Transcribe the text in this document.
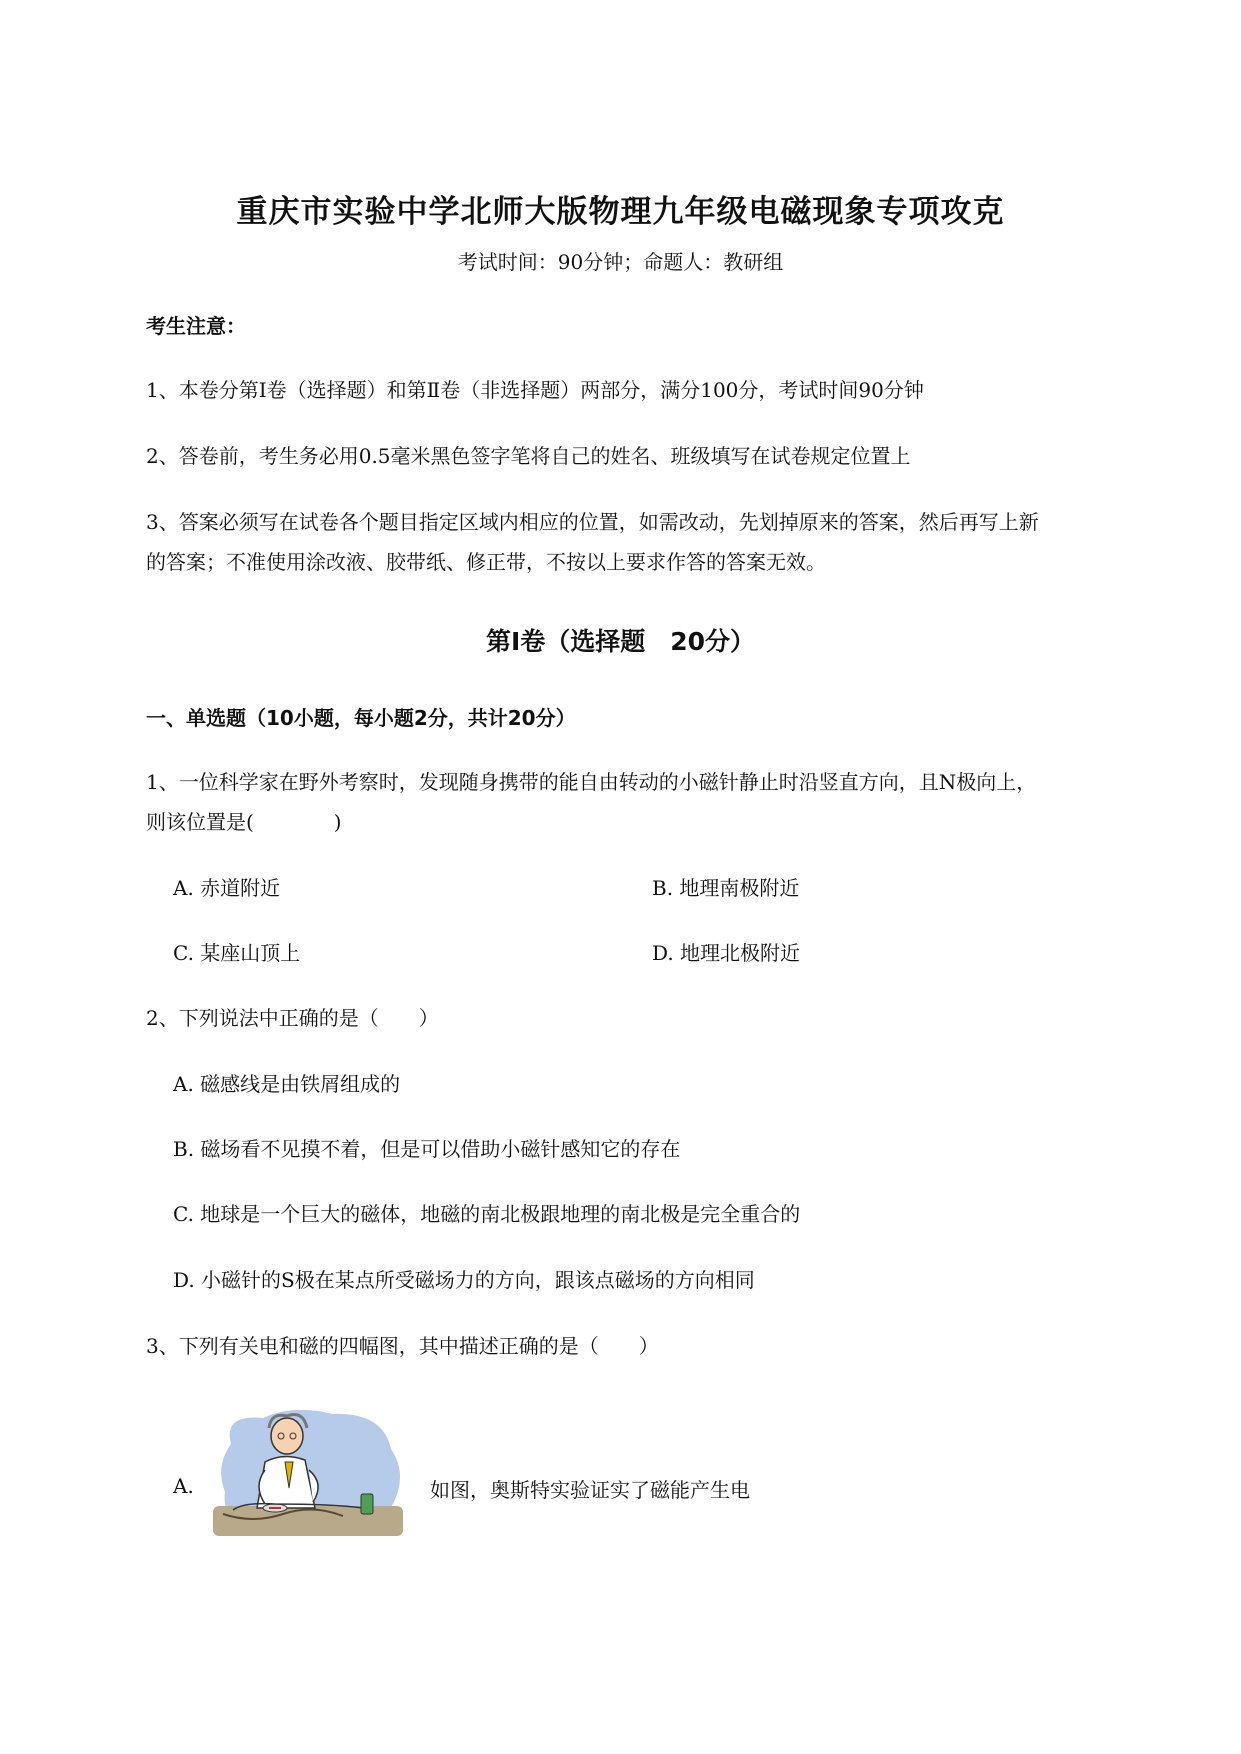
重庆市实验中学北师大版物理九年级电磁现象专项攻克
考试时间：90分钟；命题人：教研组
考生注意：
1、本卷分第I卷（选择题）和第Ⅱ卷（非选择题）两部分，满分100分，考试时间90分钟
2、答卷前，考生务必用0.5毫米黑色签字笔将自己的姓名、班级填写在试卷规定位置上
3、答案必须写在试卷各个题目指定区域内相应的位置，如需改动，先划掉原来的答案，然后再写上新
的答案；不准使用涂改液、胶带纸、修正带，不按以上要求作答的答案无效。
第I卷（选择题　20分）
一、单选题（10小题，每小题2分，共计20分）
1、一位科学家在野外考察时，发现随身携带的能自由转动的小磁针静止时沿竖直方向，且N极向上，
则该位置是(　　　　)
A. 赤道附近	B. 地理南极附近
C. 某座山顶上	D. 地理北极附近
2、下列说法中正确的是（　　）
A. 磁感线是由铁屑组成的
B. 磁场看不见摸不着，但是可以借助小磁针感知它的存在
C. 地球是一个巨大的磁体，地磁的南北极跟地理的南北极是完全重合的
D. 小磁针的S极在某点所受磁场力的方向，跟该点磁场的方向相同
3、下列有关电和磁的四幅图，其中描述正确的是（　　）
A.	如图，奥斯特实验证实了磁能产生电
